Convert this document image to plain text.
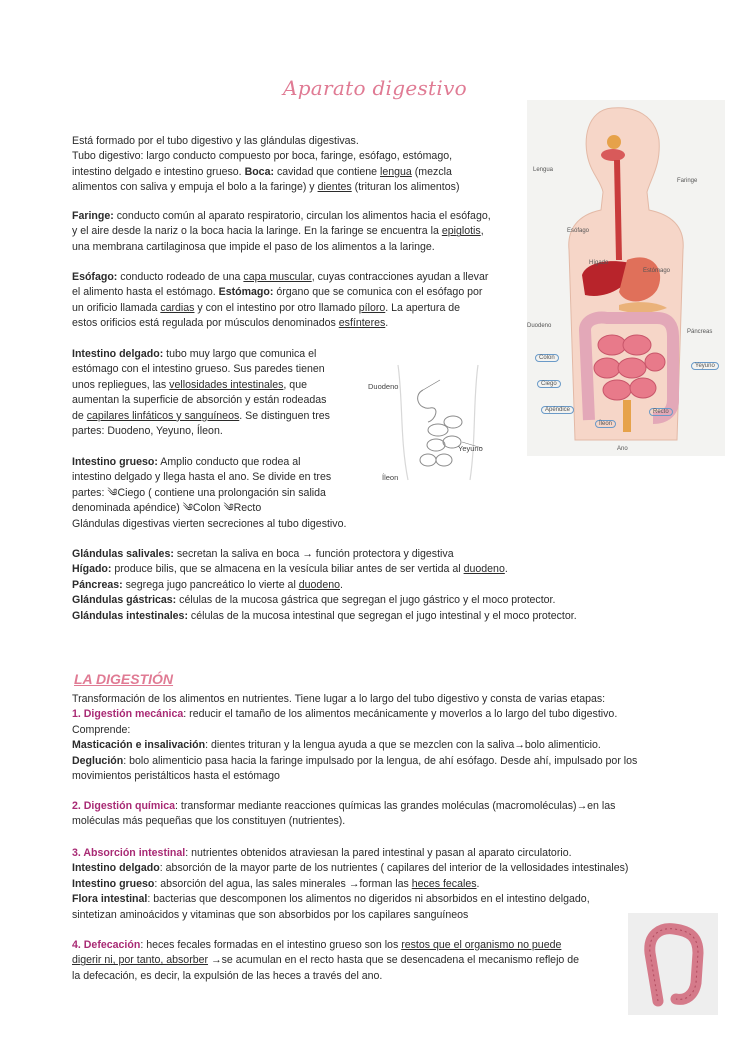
Aparato digestivo

Está formado por el tubo digestivo y las glándulas digestivas.

Tubo digestivo: largo conducto compuesto por boca, faringe, esófago, estómago,

intestino delgado e intestino grueso. Boca: cavidad que contiene lengua (mezcla

alimentos con saliva y empuja el bolo a la faringe) y dientes (trituran los alimentos)

Faringe: conducto común al aparato respiratorio, circulan los alimentos hacia el esófago,

y el aire desde la nariz o la boca hacia la laringe. En la faringe se encuentra la epiglotis,

una membrana cartilaginosa que impide el paso de los alimentos a la laringe.

Esófago: conducto rodeado de una capa muscular, cuyas contracciones ayudan a llevar

el alimento hasta el estómago. Estómago: órgano que se comunica con el esófago por

un orificio llamada cardias y con el intestino por otro llamado píloro. La apertura de

estos orificios está regulada por músculos denominados esfínteres.

Intestino delgado: tubo muy largo que comunica el

estómago con el intestino grueso. Sus paredes tienen

unos repliegues, las vellosidades intestinales, que

aumentan la superficie de absorción y están rodeadas

de capilares linfáticos y sanguíneos. Se distinguen tres

partes: Duodeno, Yeyuno, Íleon.

Intestino grueso: Amplio conducto que rodea al

intestino delgado y llega hasta el ano. Se divide en tres

partes: ༄Ciego ( contiene una prolongación sin salida

denominada apéndice) ༄Colon ༄Recto

Glándulas digestivas vierten secreciones al tubo digestivo.

Glándulas salivales: secretan la saliva en boca → función protectora y digestiva

Hígado: produce bilis, que se almacena en la vesícula biliar antes de ser vertida al duodeno.

Páncreas: segrega jugo pancreático lo vierte al duodeno.

Glándulas gástricas: células de la mucosa gástrica que segregan el jugo gástrico y el moco protector.

Glándulas intestinales: células de la mucosa intestinal que segregan el jugo intestinal y el moco protector.

LA DIGESTIÓN

Transformación de los alimentos en nutrientes. Tiene lugar a lo largo del tubo digestivo y consta de varias etapas:

1. Digestión mecánica: reducir el tamaño de los alimentos mecánicamente y moverlos a lo largo del tubo digestivo.

Comprende:

Masticación e insalivación: dientes trituran y la lengua ayuda a que se mezclen con la saliva→bolo alimenticio.

Deglución: bolo alimenticio pasa hacia la faringe impulsado por la lengua, de ahí esófago. Desde ahí, impulsado por los

movimientos peristálticos hasta el estómago

2. Digestión química: transformar mediante reacciones químicas las grandes moléculas (macromoléculas)→en las

moléculas más pequeñas que los constituyen (nutrientes).

3. Absorción intestinal: nutrientes obtenidos atraviesan la pared intestinal y pasan al aparato circulatorio.

Intestino delgado: absorción de la mayor parte de los nutrientes ( capilares del interior de la vellosidades intestinales)

Intestino grueso: absorción del agua, las sales minerales →forman las heces fecales.

Flora intestinal: bacterias que descomponen los alimentos no digeridos ni absorbidos en el intestino delgado,

sintetizan aminoácidos y vitaminas que son absorbidos por los capilares sanguíneos

4. Defecación: heces fecales formadas en el intestino grueso son los restos que el organismo no puede

digerir ni, por tanto, absorber →se acumulan en el recto hasta que se desencadena el mecanismo reflejo de

la defecación, es decir, la expulsión de las heces a través del ano.

Lengua
Faringe
Esófago
Hígado
Estómago
Páncreas
Duodeno
Colon
Yeyuno
Ciego
Apéndice	Recto
Íleon
Ano
Duodeno
Yeyuno
Íleon
